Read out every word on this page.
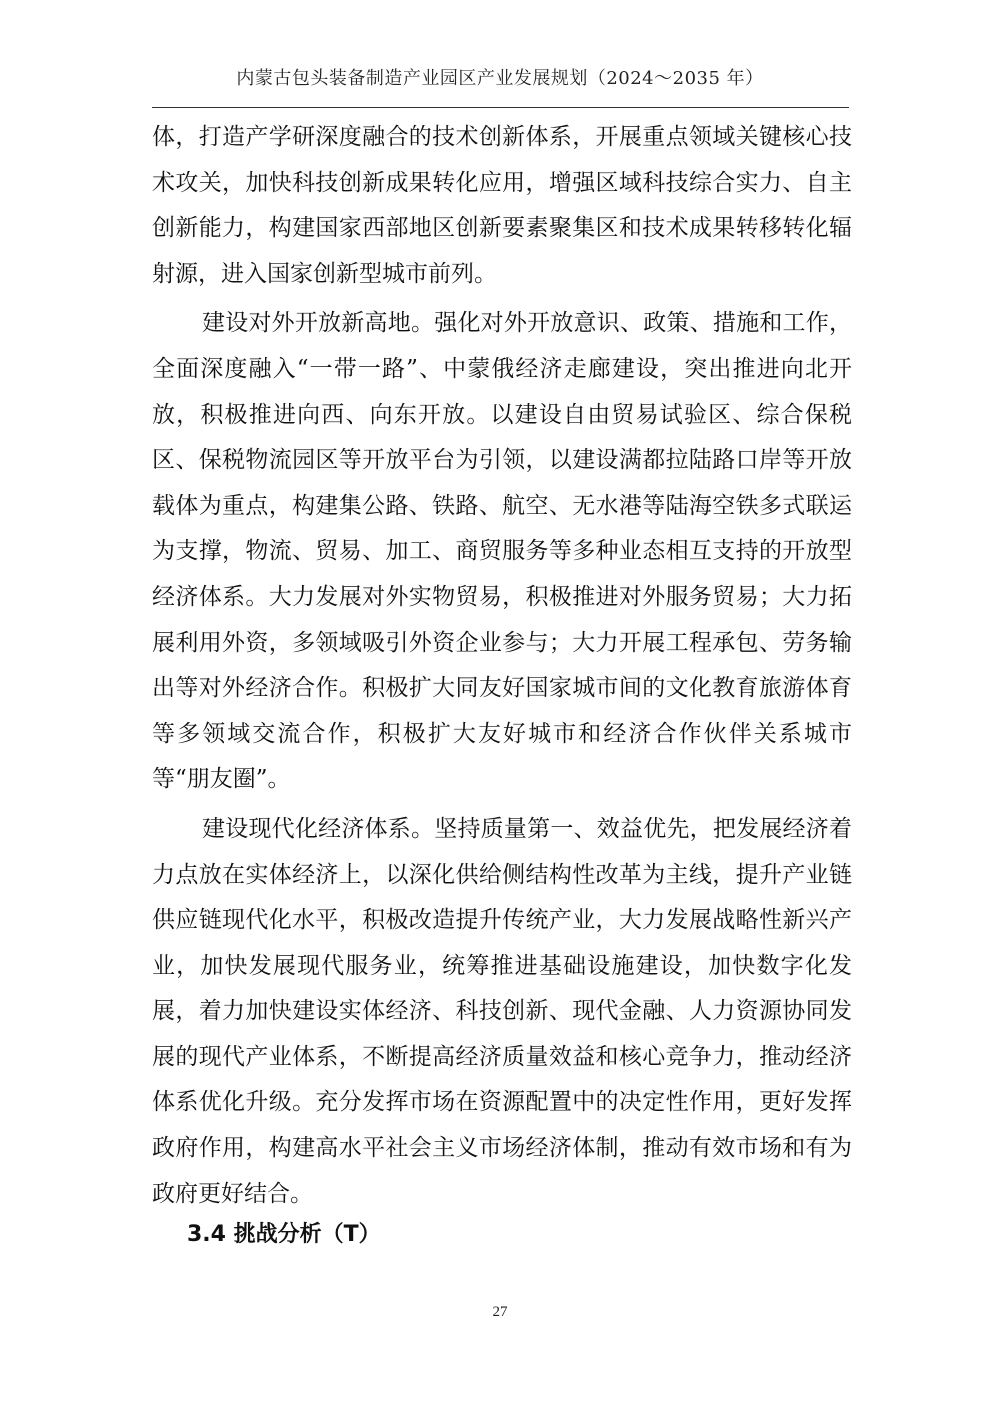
内蒙古包头装备制造产业园区产业发展规划（2024～2035 年）

体，打造产学研深度融合的技术创新体系，开展重点领域关键核心技术攻关，加快科技创新成果转化应用，增强区域科技综合实力、自主创新能力，构建国家西部地区创新要素聚集区和技术成果转移转化辐射源，进入国家创新型城市前列。

建设对外开放新高地。强化对外开放意识、政策、措施和工作，全面深度融入“一带一路”、中蒙俄经济走廊建设，突出推进向北开放，积极推进向西、向东开放。以建设自由贸易试验区、综合保税区、保税物流园区等开放平台为引领，以建设满都拉陆路口岸等开放载体为重点，构建集公路、铁路、航空、无水港等陆海空铁多式联运为支撑，物流、贸易、加工、商贸服务等多种业态相互支持的开放型经济体系。大力发展对外实物贸易，积极推进对外服务贸易；大力拓展利用外资，多领域吸引外资企业参与；大力开展工程承包、劳务输出等对外经济合作。积极扩大同友好国家城市间的文化教育旅游体育等多领域交流合作，积极扩大友好城市和经济合作伙伴关系城市等“朋友圈”。

建设现代化经济体系。坚持质量第一、效益优先，把发展经济着力点放在实体经济上，以深化供给侧结构性改革为主线，提升产业链供应链现代化水平，积极改造提升传统产业，大力发展战略性新兴产业，加快发展现代服务业，统筹推进基础设施建设，加快数字化发展，着力加快建设实体经济、科技创新、现代金融、人力资源协同发展的现代产业体系，不断提高经济质量效益和核心竞争力，推动经济体系优化升级。充分发挥市场在资源配置中的决定性作用，更好发挥政府作用，构建高水平社会主义市场经济体制，推动有效市场和有为政府更好结合。

3.4 挑战分析（T）
27
